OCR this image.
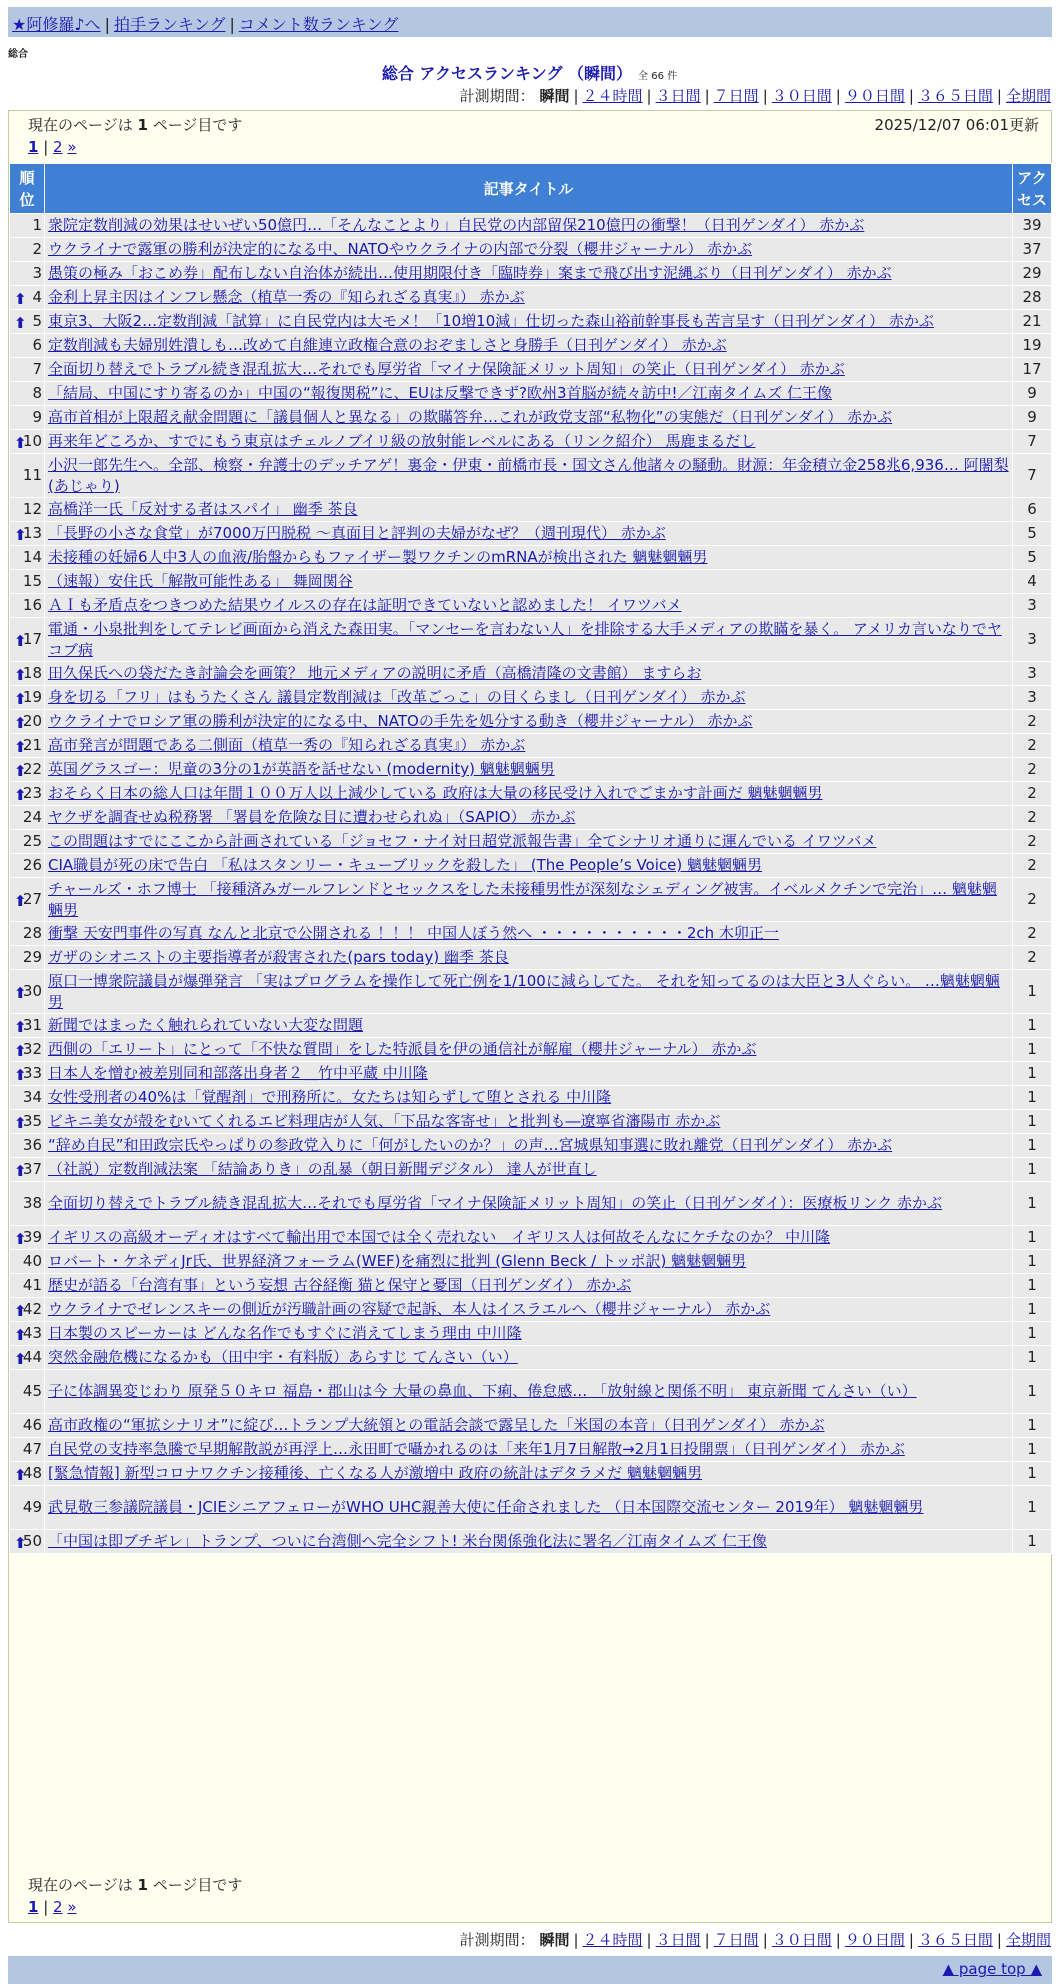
★阿修羅♪へ | 拍手ランキング | コメント数ランキング
総合
総合 アクセスランキング （瞬間） 全 66 件
計測期間： 瞬間 | ２４時間 | ３日間 | ７日間 | ３０日間 | ９０日間 | ３６５日間 | 全期間
現在のページは 1 ページ目です	2025/12/07 06:01更新
1 | 2 »
順位	記事タイトル	アクセス
1	衆院定数削減の効果はせいぜい50億円…「そんなことより」自民党の内部留保210億円の衝撃！（日刊ゲンダイ） 赤かぶ	39
2	ウクライナで露軍の勝利が決定的になる中、NATOやウクライナの内部で分裂（櫻井ジャーナル） 赤かぶ	37
3	愚策の極み「おこめ券」配布しない自治体が続出…使用期限付き「臨時券」案まで飛び出す泥縄ぶり（日刊ゲンダイ） 赤かぶ	29

⬆ 4	金利上昇主因はインフレ懸念（植草一秀の『知られざる真実』） 赤かぶ	28

⬆ 5	東京3、大阪2…定数削減「試算」に自民党内は大モメ！「10増10減」仕切った森山裕前幹事長も苦言呈す（日刊ゲンダイ） 赤かぶ	21
6	定数削減も夫婦別姓潰しも…改めて自維連立政権合意のおぞましさと身勝手（日刊ゲンダイ） 赤かぶ	19
7	全面切り替えでトラブル続き混乱拡大…それでも厚労省「マイナ保険証メリット周知」の笑止（日刊ゲンダイ） 赤かぶ	17
8	「結局、中国にすり寄るのか」中国の“報復関税”に、EUは反撃できず?欧州3首脳が続々訪中!／江南タイムズ 仁王像	9
9	高市首相が上限超え献金問題に「議員個人と異なる」の欺瞞答弁…これが政党支部“私物化”の実態だ（日刊ゲンダイ） 赤かぶ	9

⬆
10	再来年どころか、すでにもう東京はチェルノブイリ級の放射能レベルにある（リンク紹介） 馬鹿まるだし	7
11	小沢一郎先生へ。全部、検察・弁護士のデッチアゲ！裏金・伊東・前橋市長・国文さん他諸々の騒動。財源：年金積立金258兆6,936… 阿闍梨(あじゃり)	7
12	高橋洋一氏「反対する者はスパイ」 幽季 茶良	6

⬆
13	「長野の小さな食堂」が7000万円脱税 ～真面目と評判の夫婦がなぜ？（週刊現代） 赤かぶ	5
14	未接種の妊婦6人中3人の血液/胎盤からもファイザー製ワクチンのmRNAが検出された 魑魅魍魎男	5
15	（速報）安住氏「解散可能性ある」 舞岡関谷	4
16	ＡＩも矛盾点をつきつめた結果ウイルスの存在は証明できていないと認めました！ イワツバメ	3

⬆
17	電通・小泉批判をしてテレビ画面から消えた森田実。「マンセーを言わない人」を排除する大手メディアの欺瞞を暴く。 アメリカ言いなりでヤコブ病	3

⬆
18	田久保氏への袋だたき討論会を画策？ 地元メディアの説明に矛盾（高橋清隆の文書館） ますらお	3

⬆
19	身を切る「フリ」はもうたくさん 議員定数削減は「改革ごっこ」の目くらまし（日刊ゲンダイ） 赤かぶ	3

⬆
20	ウクライナでロシア軍の勝利が決定的になる中、NATOの手先を処分する動き（櫻井ジャーナル） 赤かぶ	2

⬆
21	高市発言が問題である二側面（植草一秀の『知られざる真実』） 赤かぶ	2

⬆
22	英国グラスゴー：児童の3分の1が英語を話せない (modernity) 魑魅魍魎男	2

⬆
23	おそらく日本の総人口は年間１００万人以上減少している 政府は大量の移民受け入れでごまかす計画だ 魑魅魍魎男	2
24	ヤクザを調査せぬ税務署 「署員を危険な目に遭わせられぬ」（SAPIO） 赤かぶ	2
25	この問題はすでにここから計画されている「ジョセフ・ナイ対日超党派報告書」全てシナリオ通りに運んでいる イワツバメ	2
26	CIA職員が死の床で告白 「私はスタンリー・キューブリックを殺した」 (The People’s Voice) 魑魅魍魎男	2

⬆
27	チャールズ・ホフ博士 「接種済みガールフレンドとセックスをした未接種男性が深刻なシェディング被害。イベルメクチンで完治」… 魑魅魍魎男	2
28	衝撃 天安門事件の写真 なんと北京で公開される ！！！ 中国人ぼう然へ ・・・・・・・・・・2ch 木卯正一	2
29	ガザのシオニストの主要指導者が殺害された(pars today) 幽季 茶良	2

⬆
30	原口一博衆院議員が爆弾発言 「実はプログラムを操作して死亡例を1/100に減らしてた。 それを知ってるのは大臣と3人ぐらい。 …魑魅魍魎男	1

⬆
31	新聞ではまったく触れられていない大変な問題	1

⬆
32	西側の「エリート」にとって「不快な質問」をした特派員を伊の通信社が解雇（櫻井ジャーナル） 赤かぶ	1

⬆
33	日本人を憎む被差別同和部落出身者２＿竹中平蔵 中川隆	1
34	女性受刑者の40%は「覚醒剤」で刑務所に。女たちは知らずして堕とされる 中川隆	1

⬆
35	ビキニ美女が殻をむいてくれるエビ料理店が人気、「下品な客寄せ」と批判も―遼寧省瀋陽市 赤かぶ	1
36	“辞め自民”和田政宗氏やっぱりの参政党入りに「何がしたいのか？」の声…宮城県知事選に敗れ離党（日刊ゲンダイ） 赤かぶ	1

⬆
37	（社説）定数削減法案 「結論ありき」の乱暴（朝日新聞デジタル） 達人が世直し	1
38	全面切り替えでトラブル続き混乱拡大…それでも厚労省「マイナ保険証メリット周知」の笑止（日刊ゲンダイ）：医療板リンク 赤かぶ	1

⬆
39	イギリスの高級オーディオはすべて輸出用で本国では全く売れない＿イギリス人は何故そんなにケチなのか？ 中川隆	1
40	ロバート・ケネディJr氏、世界経済フォーラム(WEF)を痛烈に批判 (Glenn Beck / トッポ訳) 魑魅魍魎男	1
41	歴史が語る「台湾有事」という妄想 古谷経衡 猫と保守と憂国（日刊ゲンダイ） 赤かぶ	1

⬆
42	ウクライナでゼレンスキーの側近が汚職計画の容疑で起訴、本人はイスラエルへ（櫻井ジャーナル） 赤かぶ	1

⬆
43	日本製のスピーカーは どんな名作でもすぐに消えてしまう理由 中川隆	1

⬆
44	突然金融危機になるかも（田中宇・有料版）あらすじ てんさい（い）	1
45	子に体調異変じわり 原発５０キロ 福島・郡山は今 大量の鼻血、下痢、倦怠感… 「放射線と関係不明」 東京新聞 てんさい（い）	1
46	高市政権の“軍拡シナリオ”に綻び…トランプ大統領との電話会談で露呈した「米国の本音」（日刊ゲンダイ） 赤かぶ	1
47	自民党の支持率急騰で早期解散説が再浮上…永田町で囁かれるのは「来年1月7日解散→2月1日投開票」（日刊ゲンダイ） 赤かぶ	1

⬆
48	[緊急情報] 新型コロナワクチン接種後、亡くなる人が激増中 政府の統計はデタラメだ 魑魅魍魎男	1
49	武見敬三参議院議員・JCIEシニアフェローがWHO UHC親善大使に任命されました （日本国際交流センター 2019年） 魑魅魍魎男	1

⬆
50	「中国は即ブチギレ」トランプ、ついに台湾側へ完全シフト! 米台関係強化法に署名／江南タイムズ 仁王像	1
現在のページは 1 ページ目です
1 | 2 »
計測期間： 瞬間 | ２４時間 | ３日間 | ７日間 | ３０日間 | ９０日間 | ３６５日間 | 全期間
▲ page top ▲
